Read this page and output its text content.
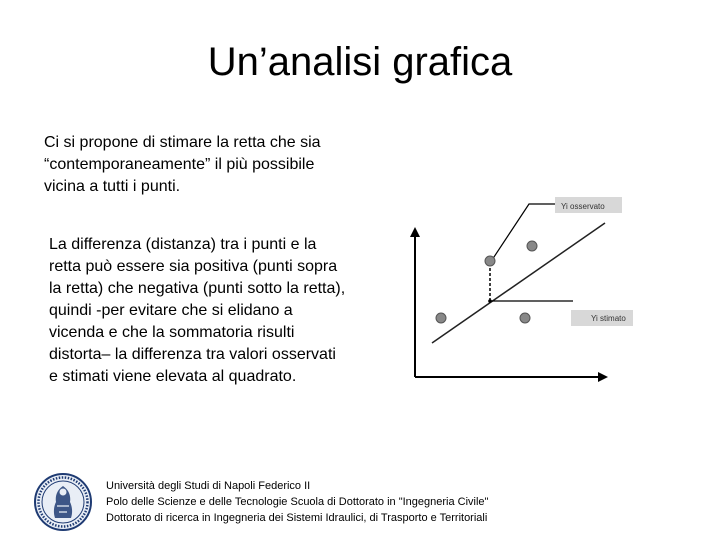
Un’analisi grafica

Ci si propone di stimare la retta che sia “contemporaneamente” il più possibile vicina a tutti i punti.

La differenza (distanza) tra i punti e la retta può essere sia positiva (punti sopra la retta) che negativa (punti sotto la retta), quindi -per evitare che si elidano a vicenda e che la sommatoria risulti distorta– la differenza tra valori osservati e stimati viene elevata al quadrato.

Yi osservato
Yi stimato
Università degli Studi di Napoli Federico II
Polo delle Scienze e delle Tecnologie Scuola di Dottorato in "Ingegneria Civile"
Dottorato di ricerca in Ingegneria dei Sistemi Idraulici, di Trasporto e Territoriali
